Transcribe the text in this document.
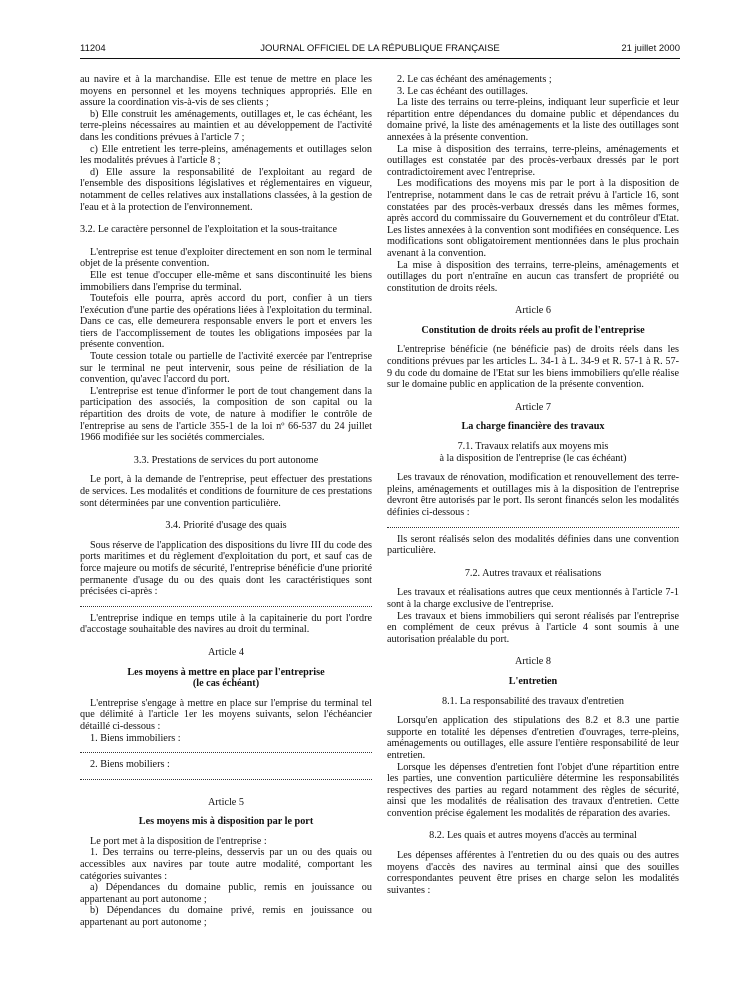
11204	JOURNAL OFFICIEL DE LA RÉPUBLIQUE FRANÇAISE	21 juillet 2000

au navire et à la marchandise. Elle est tenue de mettre en place les moyens en personnel et les moyens techniques appropriés. Elle en assure la coordination vis-à-vis de ses clients ;

b) Elle construit les aménagements, outillages et, le cas échéant, les terre-pleins nécessaires au maintien et au développement de l'activité dans les conditions prévues à l'article 7 ;

c) Elle entretient les terre-pleins, aménagements et outillages selon les modalités prévues à l'article 8 ;

d) Elle assure la responsabilité de l'exploitant au regard de l'ensemble des dispositions législatives et réglementaires en vigueur, notamment de celles relatives aux installations classées, à la gestion de l'eau et à la protection de l'environnement.

3.2. Le caractère personnel de l'exploitation et la sous-traitance

L'entreprise est tenue d'exploiter directement en son nom le terminal objet de la présente convention.

Elle est tenue d'occuper elle-même et sans discontinuité les biens immobiliers dans l'emprise du terminal.

Toutefois elle pourra, après accord du port, confier à un tiers l'exécution d'une partie des opérations liées à l'exploitation du terminal. Dans ce cas, elle demeurera responsable envers le port et envers les tiers de l'accomplissement de toutes les obligations imposées par la présente convention.

Toute cession totale ou partielle de l'activité exercée par l'entreprise sur le terminal ne peut intervenir, sous peine de résiliation de la convention, qu'avec l'accord du port.

L'entreprise est tenue d'informer le port de tout changement dans la participation des associés, la composition de son capital ou la répartition des droits de vote, de nature à modifier le contrôle de l'entreprise au sens de l'article 355-1 de la loi nº 66-537 du 24 juillet 1966 modifiée sur les sociétés commerciales.

3.3. Prestations de services du port autonome

Le port, à la demande de l'entreprise, peut effectuer des prestations de services. Les modalités et conditions de fourniture de ces prestations sont déterminées par une convention particulière.

3.4. Priorité d'usage des quais

Sous réserve de l'application des dispositions du livre III du code des ports maritimes et du règlement d'exploitation du port, et sauf cas de force majeure ou motifs de sécurité, l'entreprise bénéficie d'une priorité permanente d'usage du ou des quais dont les caractéristiques sont précisées ci-après :

L'entreprise indique en temps utile à la capitainerie du port l'ordre d'accostage souhaitable des navires au droit du terminal.

Article 4

Les moyens à mettre en place par l'entreprise

(le cas échéant)

L'entreprise s'engage à mettre en place sur l'emprise du terminal tel que délimité à l'article 1er les moyens suivants, selon l'échéancier détaillé ci-dessous :

1. Biens immobiliers :

2. Biens mobiliers :

Article 5

Les moyens mis à disposition par le port

Le port met à la disposition de l'entreprise :

1. Des terrains ou terre-pleins, desservis par un ou des quais ou accessibles aux navires par toute autre modalité, comportant les catégories suivantes :

a) Dépendances du domaine public, remis en jouissance ou appartenant au port autonome ;

b) Dépendances du domaine privé, remis en jouissance ou appartenant au port autonome ;

2. Le cas échéant des aménagements ;

3. Le cas échéant des outillages.

La liste des terrains ou terre-pleins, indiquant leur superficie et leur répartition entre dépendances du domaine public et dépendances du domaine privé, la liste des aménagements et la liste des outillages sont annexées à la présente convention.

La mise à disposition des terrains, terre-pleins, aménagements et outillages est constatée par des procès-verbaux dressés par le port contradictoirement avec l'entreprise.

Les modifications des moyens mis par le port à la disposition de l'entreprise, notamment dans le cas de retrait prévu à l'article 16, sont constatées par des procès-verbaux dressés dans les mêmes formes, après accord du commissaire du Gouvernement et du contrôleur d'Etat. Les listes annexées à la convention sont modifiées en conséquence. Les modifications sont obligatoirement mentionnées dans le plus prochain avenant à la convention.

La mise à disposition des terrains, terre-pleins, aménagements et outillages du port n'entraîne en aucun cas transfert de propriété ou constitution de droits réels.

Article 6

Constitution de droits réels au profit de l'entreprise

L'entreprise bénéficie (ne bénéficie pas) de droits réels dans les conditions prévues par les articles L. 34-1 à L. 34-9 et R. 57-1 à R. 57-9 du code du domaine de l'Etat sur les biens immobiliers qu'elle réalise sur le domaine public en application de la présente convention.

Article 7

La charge financière des travaux

7.1. Travaux relatifs aux moyens mis

à la disposition de l'entreprise (le cas échéant)

Les travaux de rénovation, modification et renouvellement des terre-pleins, aménagements et outillages mis à la disposition de l'entreprise devront être autorisés par le port. Ils seront financés selon les modalités définies ci-dessous :

Ils seront réalisés selon des modalités définies dans une convention particulière.

7.2. Autres travaux et réalisations

Les travaux et réalisations autres que ceux mentionnés à l'article 7-1 sont à la charge exclusive de l'entreprise.

Les travaux et biens immobiliers qui seront réalisés par l'entreprise en complément de ceux prévus à l'article 4 sont soumis à une autorisation préalable du port.

Article 8

L'entretien

8.1. La responsabilité des travaux d'entretien

Lorsqu'en application des stipulations des 8.2 et 8.3 une partie supporte en totalité les dépenses d'entretien d'ouvrages, terre-pleins, aménagements ou outillages, elle assure l'entière responsabilité de leur entretien.

Lorsque les dépenses d'entretien font l'objet d'une répartition entre les parties, une convention particulière détermine les responsabilités respectives des parties au regard notamment des règles de sécurité, ainsi que les modalités de réalisation des travaux d'entretien. Cette convention précise également les modalités de réparation des avaries.

8.2. Les quais et autres moyens d'accès au terminal

Les dépenses afférentes à l'entretien du ou des quais ou des autres moyens d'accès des navires au terminal ainsi que des souilles correspondantes peuvent être prises en charge selon les modalités suivantes :
